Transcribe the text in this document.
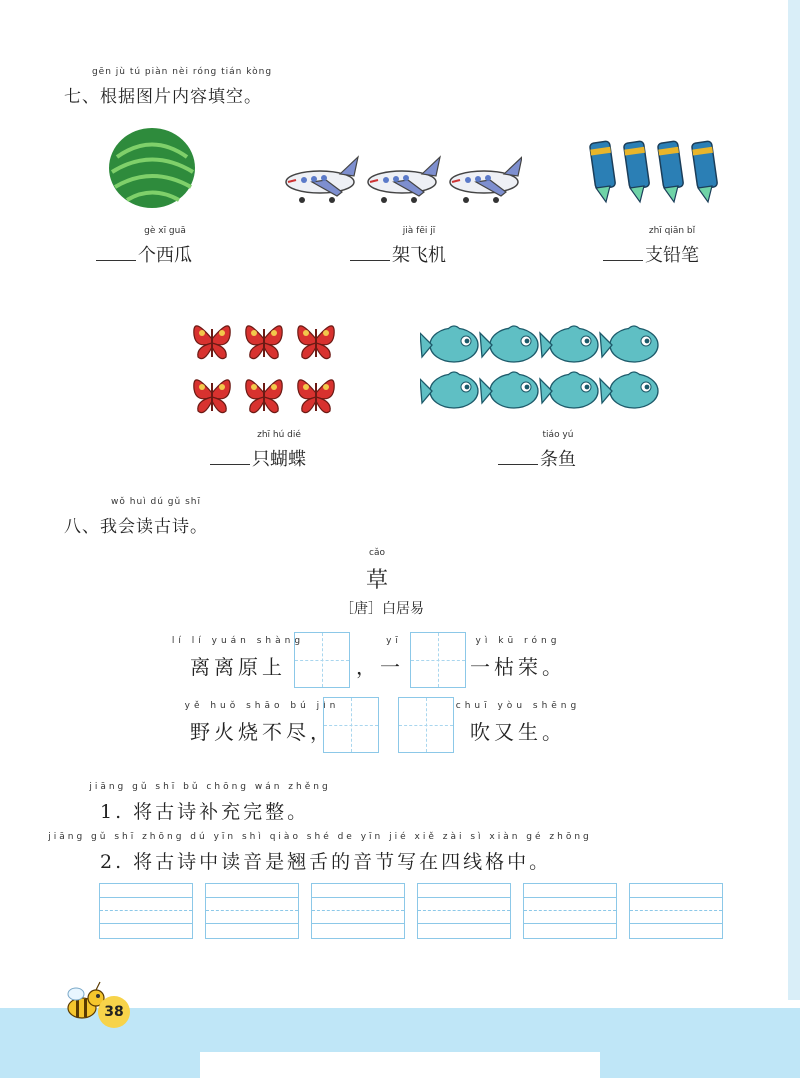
gēn jù tú piàn nèi róng tián kòng
七、根据图片内容填空。
gè xī guā
个西瓜
jià fēi jī
架飞机
zhī qiān bǐ
支铅笔
zhī hú dié
只蝴蝶
tiáo yú
条鱼
wǒ huì dú gǔ shī
八、我会读古诗。
cǎo
草
［唐］白居易
lí lí yuán shàng
离离原上
yī
，一
yì kū róng
一枯荣。
yě huǒ shāo bú jìn
野火烧不尽，
chuī yòu shēng
吹又生。
jiāng gǔ shī bǔ chōng wán zhěng
1. 将古诗补充完整。
jiāng gǔ shī zhōng dú yīn shì qiào shé de yīn jié xiě zài sì xiàn gé zhōng
2. 将古诗中读音是翘舌的音节写在四线格中。
38
